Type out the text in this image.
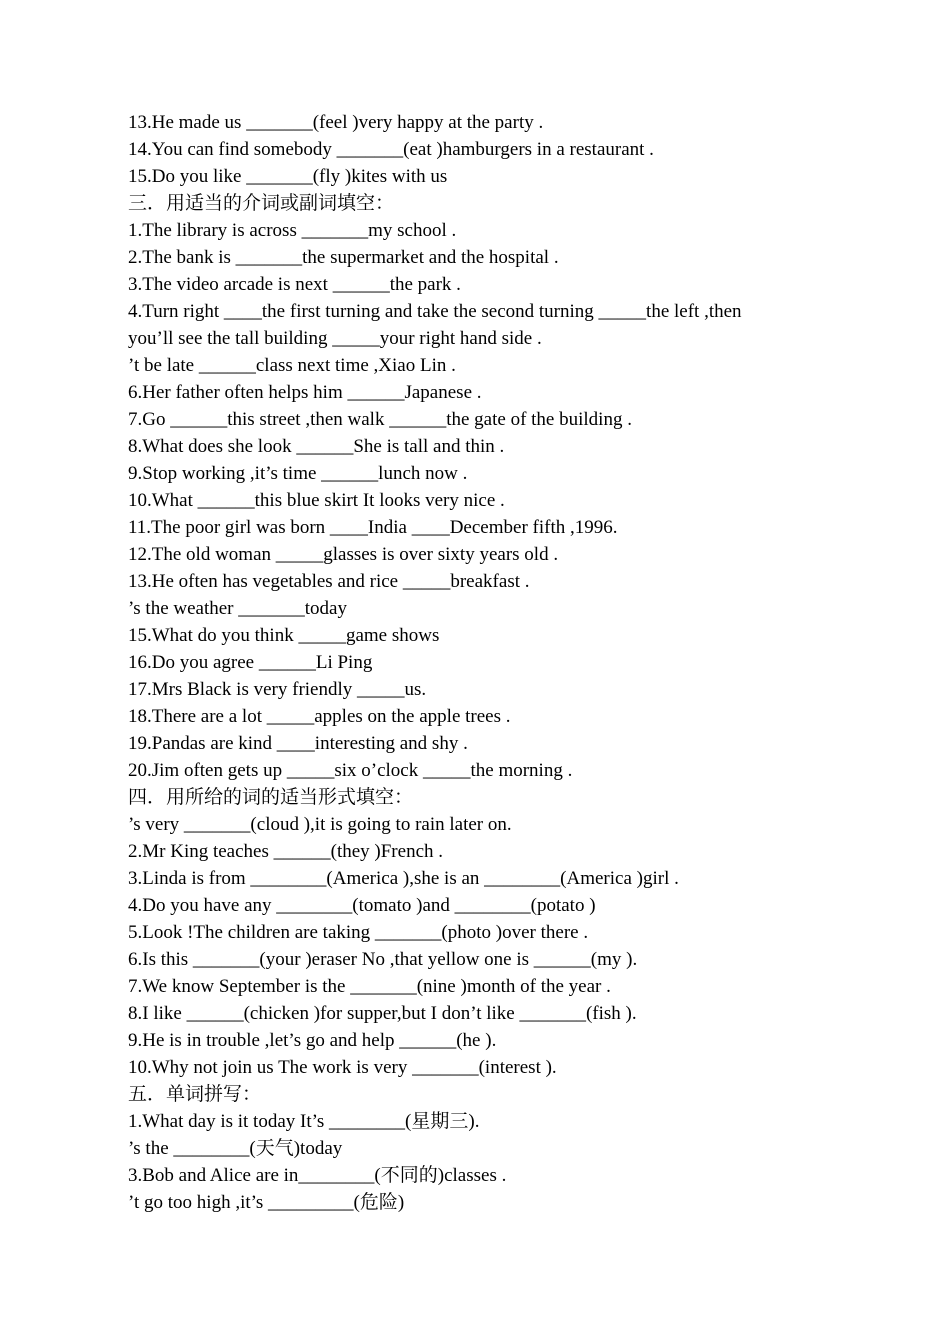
13.He made us _______(feel )very happy at the party .
14.You can find somebody _______(eat )hamburgers in a restaurant .
15.Do you like _______(fly )kites with us
三．用适当的介词或副词填空：
1.The library is across _______my school .
2.The bank is _______the supermarket and the hospital .
3.The video arcade is next ______the park .
4.Turn right ____the first turning and take the second turning _____the left ,then
you’ll see the tall building _____your right hand side .
’t be late ______class next time ,Xiao Lin .
6.Her father often helps him ______Japanese .
7.Go ______this street ,then walk ______the gate of the building .
8.What does she look ______She is tall and thin .
9.Stop working ,it’s time ______lunch now .
10.What ______this blue skirt It looks very nice .
11.The poor girl was born ____India ____December fifth ,1996.
12.The old woman _____glasses is over sixty years old .
13.He often has vegetables and rice _____breakfast .
’s the weather _______today
15.What do you think _____game shows
16.Do you agree ______Li Ping
17.Mrs Black is very friendly _____us.
18.There are a lot _____apples on the apple trees .
19.Pandas are kind ____interesting and shy .
20.Jim often gets up _____six o’clock _____the morning .
四．用所给的词的适当形式填空：
’s very _______(cloud ),it is going to rain later on.
2.Mr King teaches ______(they )French .
3.Linda is from ________(America ),she is an ________(America )girl .
4.Do you have any ________(tomato )and ________(potato )
5.Look !The children are taking _______(photo )over there .
6.Is this _______(your )eraser No ,that yellow one is ______(my ).
7.We know September is the _______(nine )month of the year .
8.I like ______(chicken )for supper,but I don’t like _______(fish ).
9.He is in trouble ,let’s go and help ______(he ).
10.Why not join us The work is very _______(interest ).
五．单词拼写：
1.What day is it today It’s ________(星期三).
’s the ________(天气)today
3.Bob and Alice are in________(不同的)classes .
’t go too high ,it’s _________(危险)
